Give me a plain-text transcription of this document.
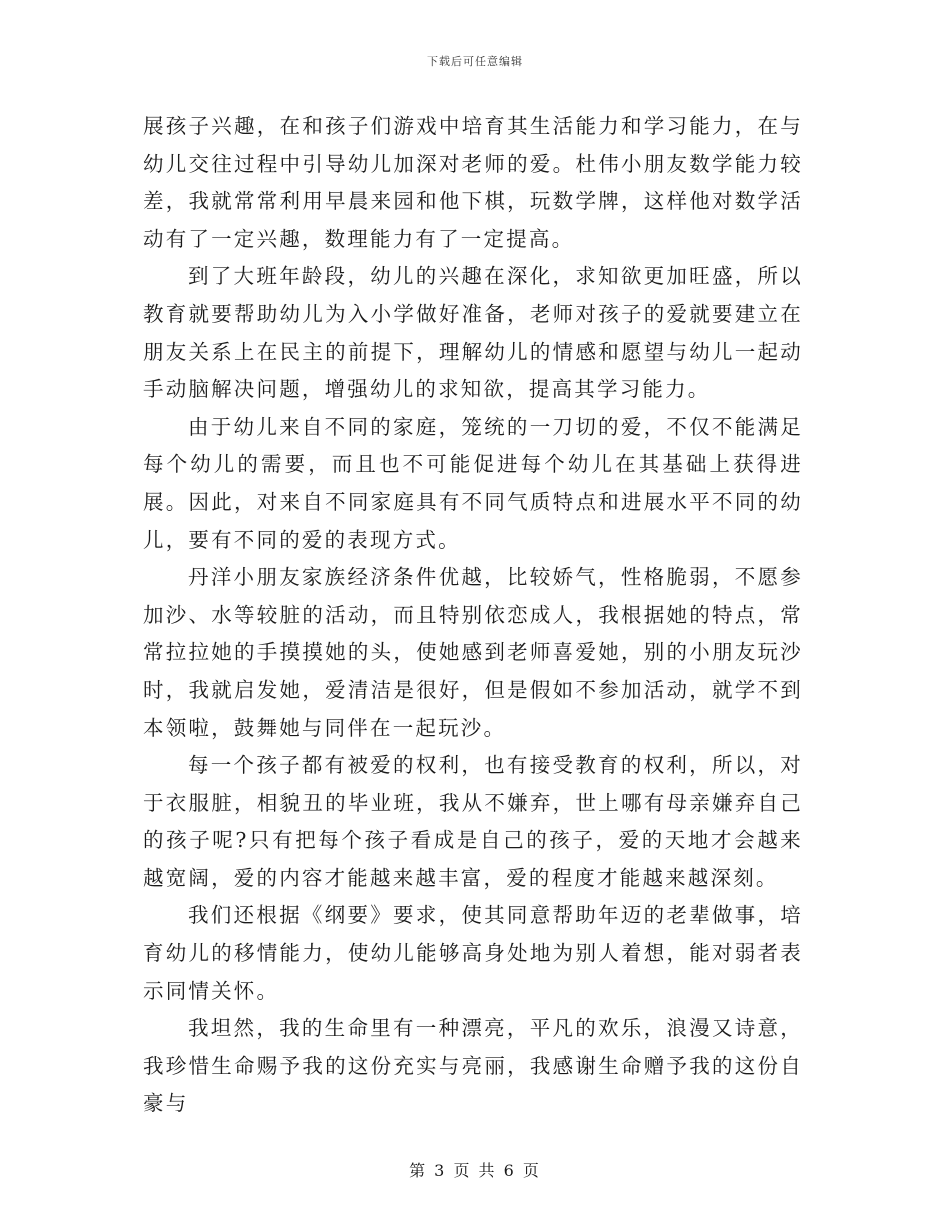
下载后可任意编辑

展孩子兴趣，在和孩子们游戏中培育其生活能力和学习能力，在与幼儿交往过程中引导幼儿加深对老师的爱。杜伟小朋友数学能力较差，我就常常利用早晨来园和他下棋，玩数学牌，这样他对数学活动有了一定兴趣，数理能力有了一定提高。

到了大班年龄段，幼儿的兴趣在深化，求知欲更加旺盛，所以教育就要帮助幼儿为入小学做好准备，老师对孩子的爱就要建立在朋友关系上在民主的前提下，理解幼儿的情感和愿望与幼儿一起动手动脑解决问题，增强幼儿的求知欲，提高其学习能力。

由于幼儿来自不同的家庭，笼统的一刀切的爱，不仅不能满足每个幼儿的需要，而且也不可能促进每个幼儿在其基础上获得进展。因此，对来自不同家庭具有不同气质特点和进展水平不同的幼儿，要有不同的爱的表现方式。

丹洋小朋友家族经济条件优越，比较娇气，性格脆弱，不愿参加沙、水等较脏的活动，而且特别依恋成人，我根据她的特点，常常拉拉她的手摸摸她的头，使她感到老师喜爱她，别的小朋友玩沙时，我就启发她，爱清洁是很好，但是假如不参加活动，就学不到本领啦，鼓舞她与同伴在一起玩沙。

每一个孩子都有被爱的权利，也有接受教育的权利，所以，对于衣服脏，相貌丑的毕业班，我从不嫌弃，世上哪有母亲嫌弃自己的孩子呢?只有把每个孩子看成是自己的孩子，爱的天地才会越来越宽阔，爱的内容才能越来越丰富，爱的程度才能越来越深刻。

我们还根据《纲要》要求，使其同意帮助年迈的老辈做事，培育幼儿的移情能力，使幼儿能够高身处地为别人着想，能对弱者表示同情关怀。

我坦然，我的生命里有一种漂亮，平凡的欢乐，浪漫又诗意，我珍惜生命赐予我的这份充实与亮丽，我感谢生命赠予我的这份自豪与

第 3 页 共 6 页
